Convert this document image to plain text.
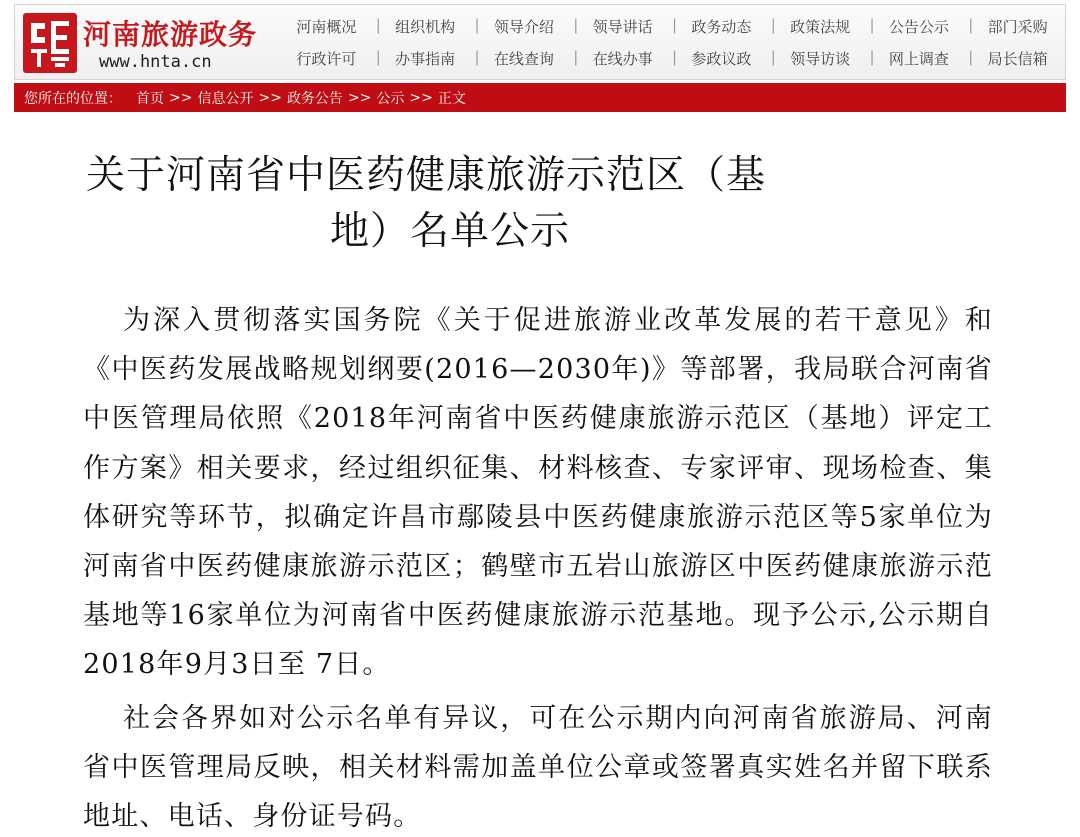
河南旅游政务
www.hnta.cn
河南概况	| 组织机构	| 领导介绍	| 领导讲话	| 政务动态	| 政策法规	| 公告公示	| 部门采购
行政许可	| 办事指南	| 在线查询	| 在线办事	| 参政议政	| 领导访谈	| 网上调查	| 局长信箱
您所在的位置： 首页 >> 信息公开 >> 政务公告 >> 公示 >> 正文
关于河南省中医药健康旅游示范区（基
地）名单公示

为深入贯彻落实国务院《关于促进旅游业改革发展的若干意见》和《中医药发展战略规划纲要(2016—2030年)》等部署，我局联合河南省中医管理局依照《2018年河南省中医药健康旅游示范区（基地）评定工作方案》相关要求，经过组织征集、材料核查、专家评审、现场检查、集体研究等环节，拟确定许昌市鄢陵县中医药健康旅游示范区等5家单位为河南省中医药健康旅游示范区；鹤壁市五岩山旅游区中医药健康旅游示范基地等16家单位为河南省中医药健康旅游示范基地。现予公示,公示期自2018年9月3日至 7日。

社会各界如对公示名单有异议，可在公示期内向河南省旅游局、河南省中医管理局反映，相关材料需加盖单位公章或签署真实姓名并留下联系地址、电话、身份证号码。
